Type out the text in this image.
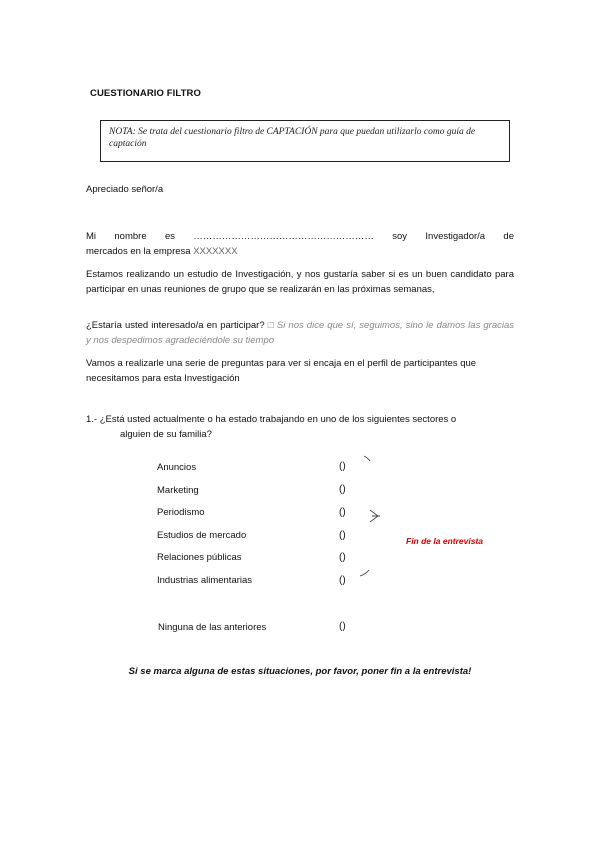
CUESTIONARIO FILTRO
NOTA: Se trata del cuestionario filtro de CAPTACIÓN para que puedan utilizarlo como guía de captación
Apreciado señor/a
Mi nombre es ………………………………………………… soy Investigador/a de
mercados en la empresa XXXXXXX
Estamos realizando un estudio de Investigación, y nos gustaría saber si es un buen candidato para participar en unas reuniones de grupo que se realizarán en las próximas semanas,
¿Estaría usted interesado/a en participar? □ Si nos dice que sí, seguimos, sino le damos las gracias y nos despedimos agradeciéndole su tiempo
Vamos a realizarle una serie de preguntas para ver si encaja en el perfil de participantes que necesitamos para esta Investigación
1.- ¿Está usted actualmente o ha estado trabajando en uno de los siguientes sectores o
alguien de su familia?
Anuncios	()
Marketing	()
Periodismo	()
Estudios de mercado	()
Relaciones públicas	()
Industrias alimentarias	()
Ninguna de las anteriores	()
Fin de la entrevista
Si se marca alguna de estas situaciones, por favor, poner fin a la entrevista!
